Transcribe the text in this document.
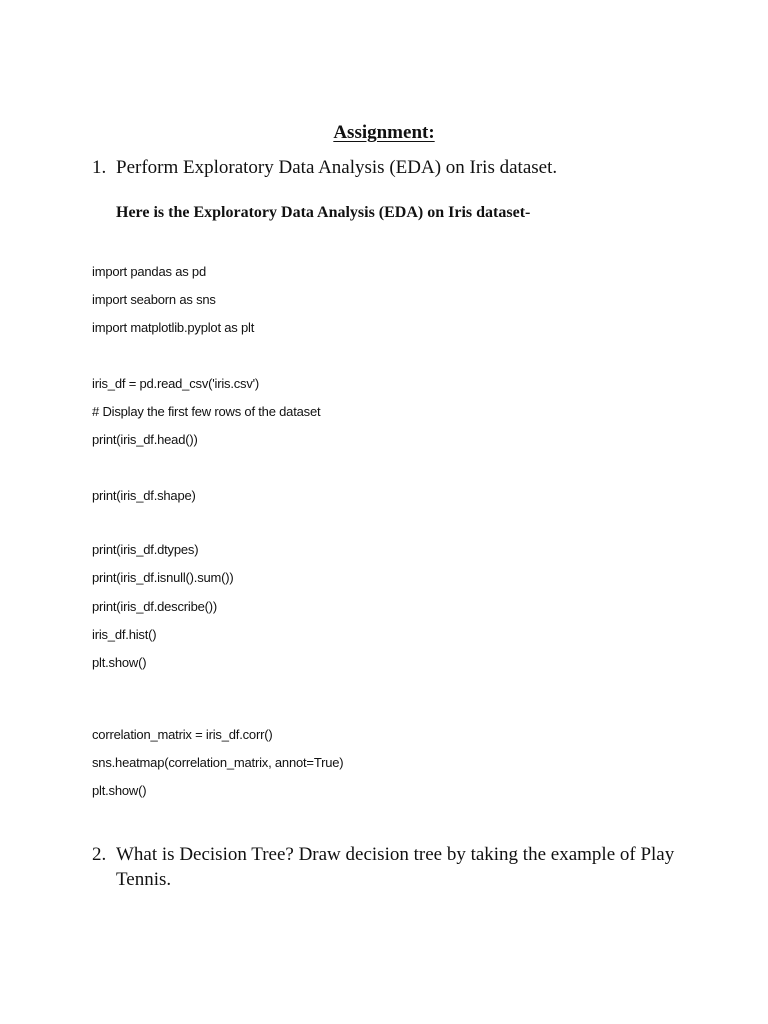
Assignment:
1. Perform Exploratory Data Analysis (EDA) on Iris dataset.
Here is the Exploratory Data Analysis (EDA) on Iris dataset-
import pandas as pd
import seaborn as sns
import matplotlib.pyplot as plt
iris_df = pd.read_csv('iris.csv')
# Display the first few rows of the dataset
print(iris_df.head())
print(iris_df.shape)
print(iris_df.dtypes)
print(iris_df.isnull().sum())
print(iris_df.describe())
iris_df.hist()
plt.show()
correlation_matrix = iris_df.corr()
sns.heatmap(correlation_matrix, annot=True)
plt.show()
2. What is Decision Tree? Draw decision tree by taking the example of Play Tennis.
